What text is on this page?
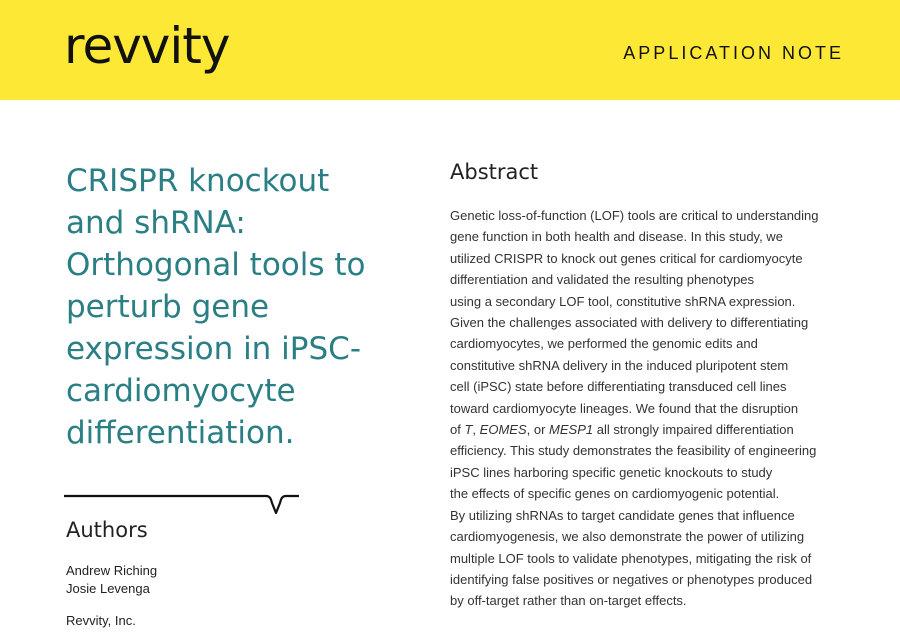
revvity	APPLICATION NOTE
CRISPR knockout
and shRNA:
Orthogonal tools to
perturb gene
expression in iPSC-
cardiomyocyte
differentiation.
Authors
Andrew Riching
Josie Levenga
Revvity, Inc.
Abstract
Genetic loss-of-function (LOF) tools are critical to understanding
gene function in both health and disease. In this study, we
utilized CRISPR to knock out genes critical for cardiomyocyte
differentiation and validated the resulting phenotypes
using a secondary LOF tool, constitutive shRNA expression.
Given the challenges associated with delivery to differentiating
cardiomyocytes, we performed the genomic edits and
constitutive shRNA delivery in the induced pluripotent stem
cell (iPSC) state before differentiating transduced cell lines
toward cardiomyocyte lineages. We found that the disruption
of T, EOMES, or MESP1 all strongly impaired differentiation
efficiency. This study demonstrates the feasibility of engineering
iPSC lines harboring specific genetic knockouts to study
the effects of specific genes on cardiomyogenic potential.
By utilizing shRNAs to target candidate genes that influence
cardiomyogenesis, we also demonstrate the power of utilizing
multiple LOF tools to validate phenotypes, mitigating the risk of
identifying false positives or negatives or phenotypes produced
by off-target rather than on-target effects.
